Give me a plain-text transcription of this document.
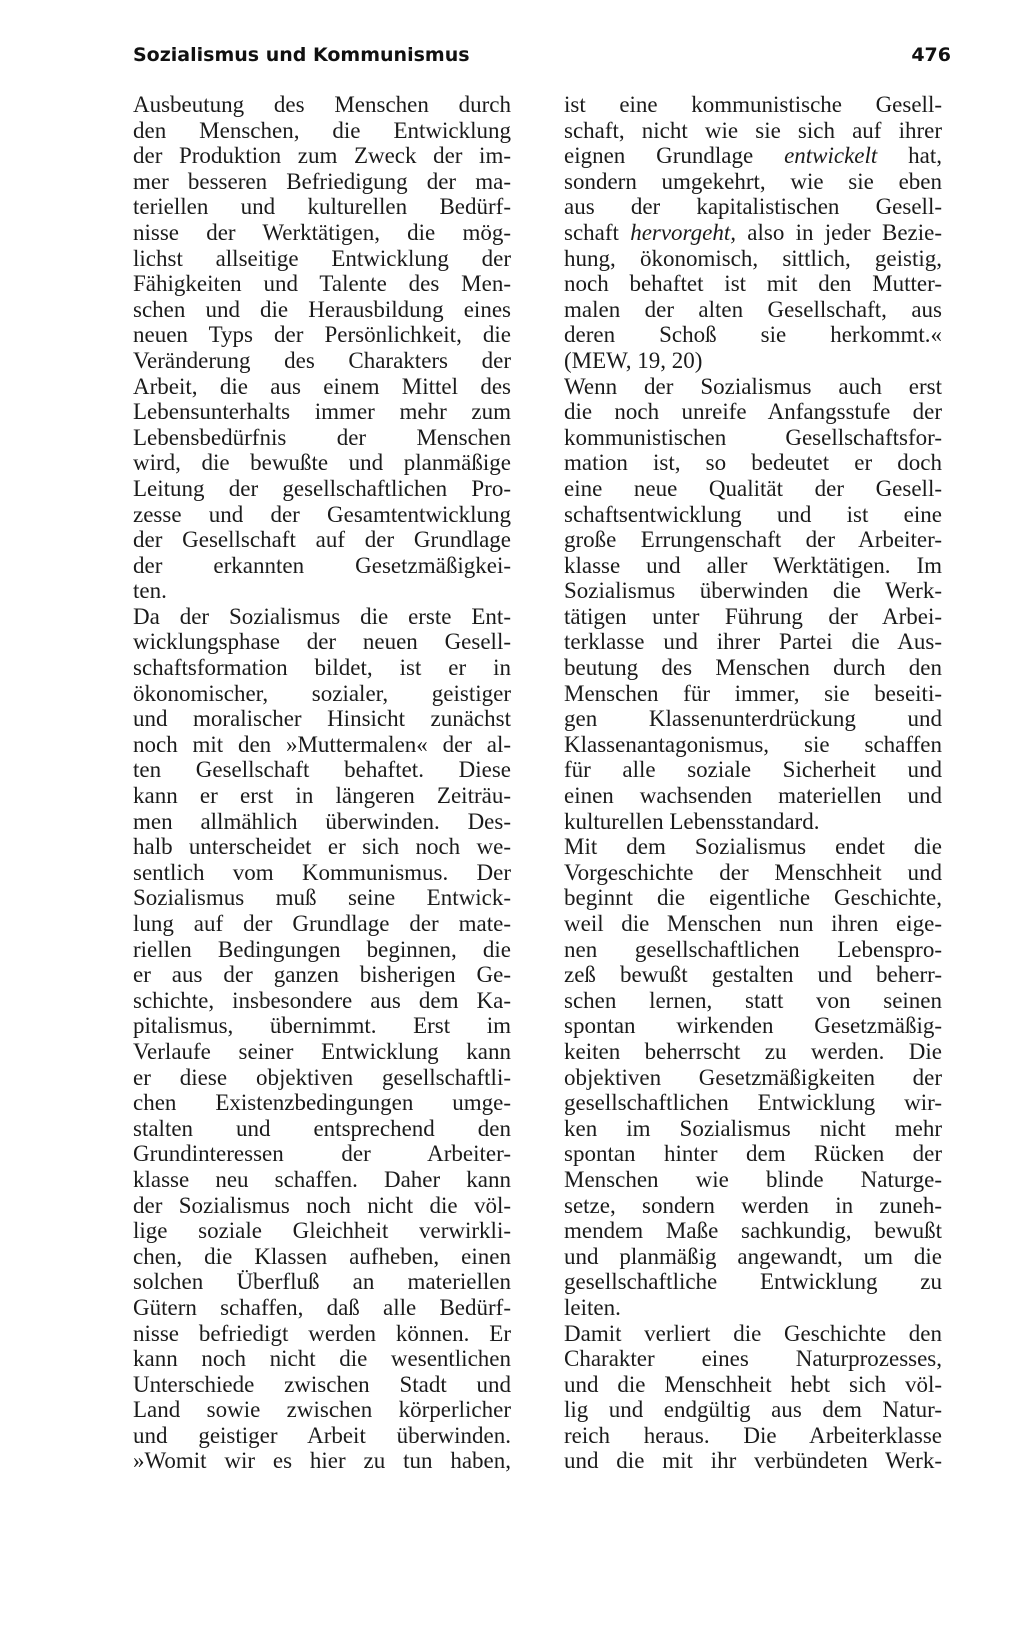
Sozialismus und Kommunismus	476
Ausbeutung des Menschen durch
den Menschen, die Entwicklung
der Produktion zum Zweck der im-
mer besseren Befriedigung der ma-
teriellen und kulturellen Bedürf-
nisse der Werktätigen, die mög-
lichst allseitige Entwicklung der
Fähigkeiten und Talente des Men-
schen und die Herausbildung eines
neuen Typs der Persönlichkeit, die
Veränderung des Charakters der
Arbeit, die aus einem Mittel des
Lebensunterhalts immer mehr zum
Lebensbedürfnis der Menschen
wird, die bewußte und planmäßige
Leitung der gesellschaftlichen Pro-
zesse und der Gesamtentwicklung
der Gesellschaft auf der Grundlage
der erkannten Gesetzmäßigkei-
ten.
Da der Sozialismus die erste Ent-
wicklungsphase der neuen Gesell-
schaftsformation bildet, ist er in
ökonomischer, sozialer, geistiger
und moralischer Hinsicht zunächst
noch mit den »Muttermalen« der al-
ten Gesellschaft behaftet. Diese
kann er erst in längeren Zeiträu-
men allmählich überwinden. Des-
halb unterscheidet er sich noch we-
sentlich vom Kommunismus. Der
Sozialismus muß seine Entwick-
lung auf der Grundlage der mate-
riellen Bedingungen beginnen, die
er aus der ganzen bisherigen Ge-
schichte, insbesondere aus dem Ka-
pitalismus, übernimmt. Erst im
Verlaufe seiner Entwicklung kann
er diese objektiven gesellschaftli-
chen Existenzbedingungen umge-
stalten und entsprechend den
Grundinteressen der Arbeiter-
klasse neu schaffen. Daher kann
der Sozialismus noch nicht die völ-
lige soziale Gleichheit verwirkli-
chen, die Klassen aufheben, einen
solchen Überfluß an materiellen
Gütern schaffen, daß alle Bedürf-
nisse befriedigt werden können. Er
kann noch nicht die wesentlichen
Unterschiede zwischen Stadt und
Land sowie zwischen körperlicher
und geistiger Arbeit überwinden.
»Womit wir es hier zu tun haben,
ist eine kommunistische Gesell-
schaft, nicht wie sie sich auf ihrer
eignen Grundlage entwickelt hat,
sondern umgekehrt, wie sie eben
aus der kapitalistischen Gesell-
schaft hervorgeht, also in jeder Bezie-
hung, ökonomisch, sittlich, geistig,
noch behaftet ist mit den Mutter-
malen der alten Gesellschaft, aus
deren Schoß sie herkommt.«
(MEW, 19, 20)
Wenn der Sozialismus auch erst
die noch unreife Anfangsstufe der
kommunistischen Gesellschaftsfor-
mation ist, so bedeutet er doch
eine neue Qualität der Gesell-
schaftsentwicklung und ist eine
große Errungenschaft der Arbeiter-
klasse und aller Werktätigen. Im
Sozialismus überwinden die Werk-
tätigen unter Führung der Arbei-
terklasse und ihrer Partei die Aus-
beutung des Menschen durch den
Menschen für immer, sie beseiti-
gen Klassenunterdrückung und
Klassenantagonismus, sie schaffen
für alle soziale Sicherheit und
einen wachsenden materiellen und
kulturellen Lebensstandard.
Mit dem Sozialismus endet die
Vorgeschichte der Menschheit und
beginnt die eigentliche Geschichte,
weil die Menschen nun ihren eige-
nen gesellschaftlichen Lebenspro-
zeß bewußt gestalten und beherr-
schen lernen, statt von seinen
spontan wirkenden Gesetzmäßig-
keiten beherrscht zu werden. Die
objektiven Gesetzmäßigkeiten der
gesellschaftlichen Entwicklung wir-
ken im Sozialismus nicht mehr
spontan hinter dem Rücken der
Menschen wie blinde Naturge-
setze, sondern werden in zuneh-
mendem Maße sachkundig, bewußt
und planmäßig angewandt, um die
gesellschaftliche Entwicklung zu
leiten.
Damit verliert die Geschichte den
Charakter eines Naturprozesses,
und die Menschheit hebt sich völ-
lig und endgültig aus dem Natur-
reich heraus. Die Arbeiterklasse
und die mit ihr verbündeten Werk-
